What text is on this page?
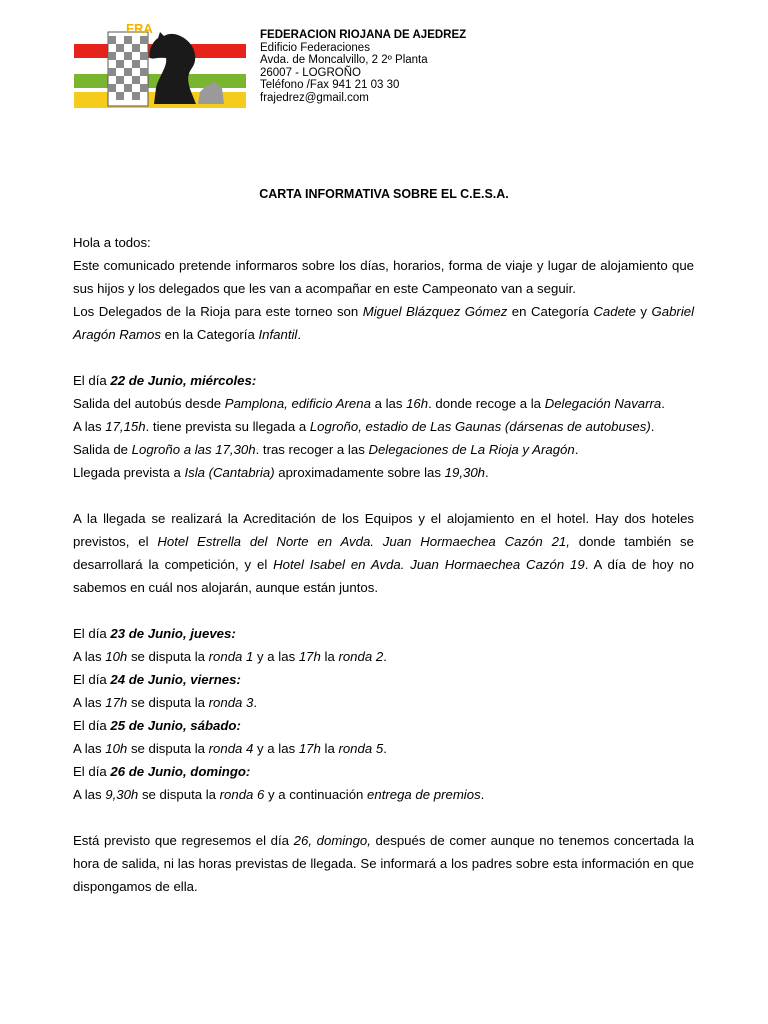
FRA	FEDERACION RIOJANA DE AJEDREZ
Edificio Federaciones
Avda. de Moncalvillo, 2 2º Planta
26007 - LOGROÑO
Teléfono /Fax 941 21 03 30
frajedrez@gmail.com
CARTA INFORMATIVA SOBRE EL C.E.S.A.
Hola a todos:
Este comunicado pretende informaros sobre los días, horarios, forma de viaje y lugar de alojamiento que sus hijos y los delegados que les van a acompañar en este Campeonato van a seguir.
Los Delegados de la Rioja para este torneo son Miguel Blázquez Gómez en Categoría Cadete y Gabriel Aragón Ramos en la Categoría Infantil.
El día 22 de Junio, miércoles:
Salida del autobús desde Pamplona, edificio Arena a las 16h. donde recoge a la Delegación Navarra.
A las 17,15h. tiene prevista su llegada a Logroño, estadio de Las Gaunas (dársenas de autobuses).
Salida de Logroño a las 17,30h. tras recoger a las Delegaciones de La Rioja y Aragón.
Llegada prevista a Isla (Cantabria) aproximadamente sobre las 19,30h.
A la llegada se realizará la Acreditación de los Equipos y el alojamiento en el hotel. Hay dos hoteles previstos, el Hotel Estrella del Norte en Avda. Juan Hormaechea Cazón 21, donde también se desarrollará la competición, y el Hotel Isabel en Avda. Juan Hormaechea Cazón 19. A día de hoy no sabemos en cuál nos alojarán, aunque están juntos.
El día 23 de Junio, jueves:
A las 10h se disputa la ronda 1 y a las 17h la ronda 2.
El día 24 de Junio, viernes:
A las 17h se disputa la ronda 3.
El día 25 de Junio, sábado:
A las 10h se disputa la ronda 4 y a las 17h la ronda 5.
El día 26 de Junio, domingo:
A las 9,30h se disputa la ronda 6 y a continuación entrega de premios.
Está previsto que regresemos el día 26, domingo, después de comer aunque no tenemos concertada la hora de salida, ni las horas previstas de llegada. Se informará a los padres sobre esta información en que dispongamos de ella.
